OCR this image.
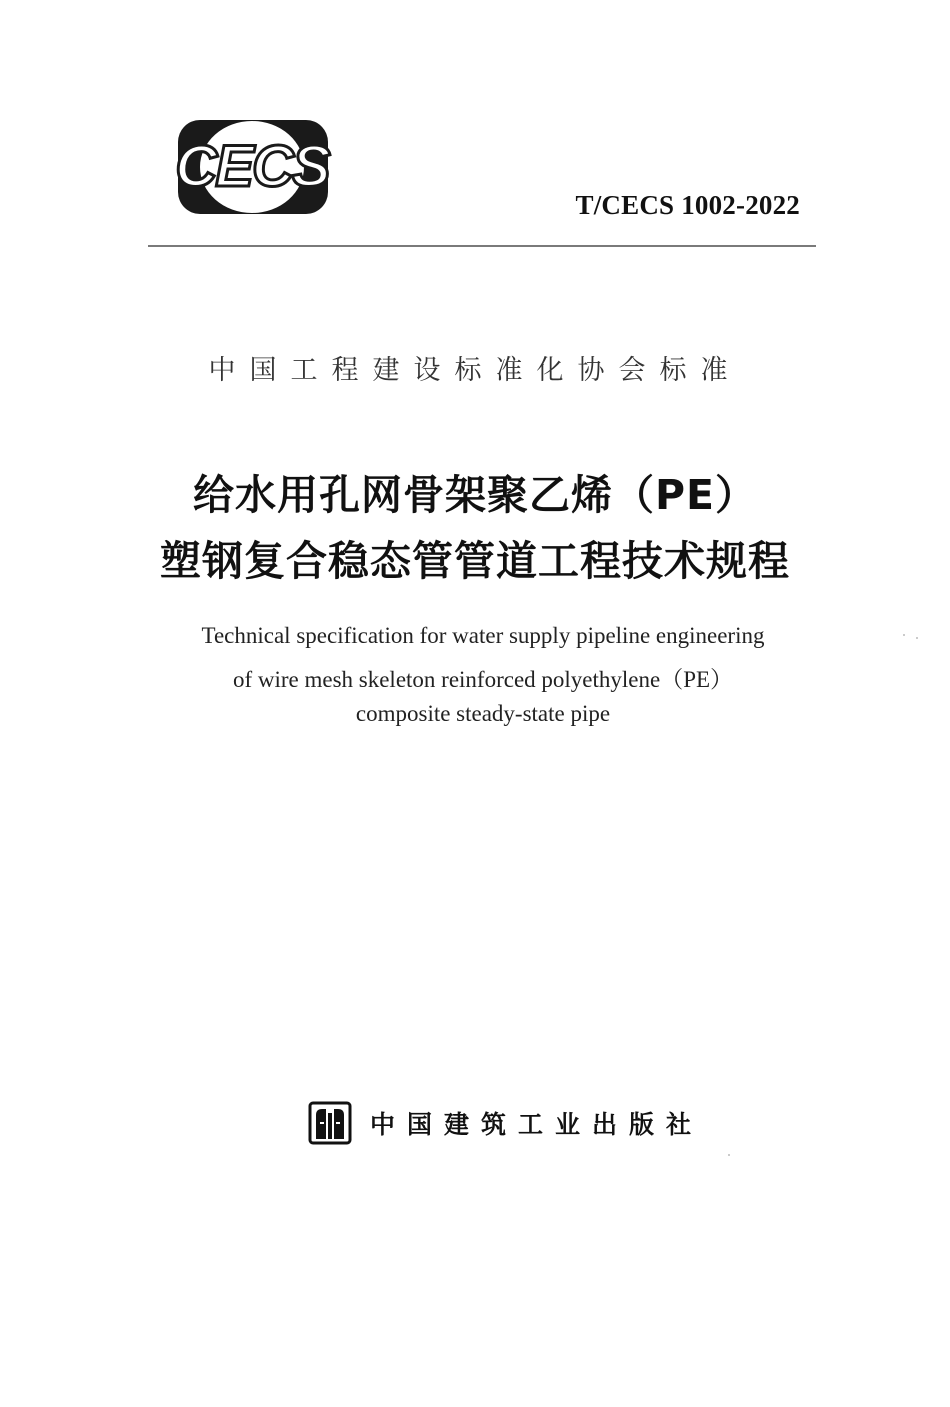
CECS
T/CECS 1002-2022
中国工程建设标准化协会标准
给水用孔网骨架聚乙烯（PE）
塑钢复合稳态管管道工程技术规程
Technical specification for water supply pipeline engineering
of wire mesh skeleton reinforced polyethylene（PE）
composite steady-state pipe
中国建筑工业出版社
